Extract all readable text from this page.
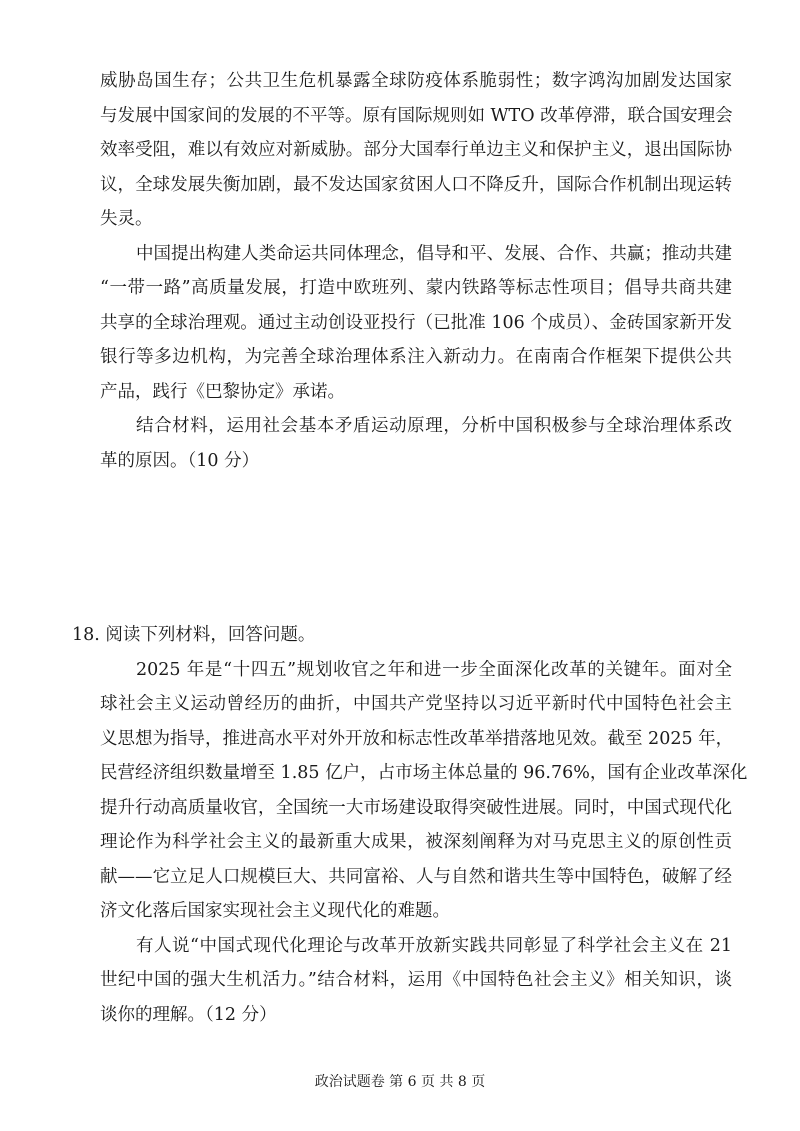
威胁岛国生存；公共卫生危机暴露全球防疫体系脆弱性；数字鸿沟加剧发达国家
与发展中国家间的发展的不平等。原有国际规则如 WTO 改革停滞，联合国安理会
效率受阻，难以有效应对新威胁。部分大国奉行单边主义和保护主义，退出国际协
议，全球发展失衡加剧，最不发达国家贫困人口不降反升，国际合作机制出现运转
失灵。
中国提出构建人类命运共同体理念，倡导和平、发展、合作、共赢；推动共建
“一带一路”高质量发展，打造中欧班列、蒙内铁路等标志性项目；倡导共商共建
共享的全球治理观。通过主动创设亚投行（已批准 106 个成员）、金砖国家新开发
银行等多边机构，为完善全球治理体系注入新动力。在南南合作框架下提供公共
产品，践行《巴黎协定》承诺。
结合材料，运用社会基本矛盾运动原理，分析中国积极参与全球治理体系改
革的原因。（10 分）
18. 阅读下列材料，回答问题。
2025 年是“十四五”规划收官之年和进一步全面深化改革的关键年。面对全
球社会主义运动曾经历的曲折，中国共产党坚持以习近平新时代中国特色社会主
义思想为指导，推进高水平对外开放和标志性改革举措落地见效。截至 2025 年，
民营经济组织数量增至 1.85 亿户，占市场主体总量的 96.76%，国有企业改革深化
提升行动高质量收官，全国统一大市场建设取得突破性进展。同时，中国式现代化
理论作为科学社会主义的最新重大成果，被深刻阐释为对马克思主义的原创性贡
献——它立足人口规模巨大、共同富裕、人与自然和谐共生等中国特色，破解了经
济文化落后国家实现社会主义现代化的难题。
有人说“中国式现代化理论与改革开放新实践共同彰显了科学社会主义在 21
世纪中国的强大生机活力。”结合材料，运用《中国特色社会主义》相关知识，谈
谈你的理解。（12 分）
政治试题卷 第 6 页 共 8 页
